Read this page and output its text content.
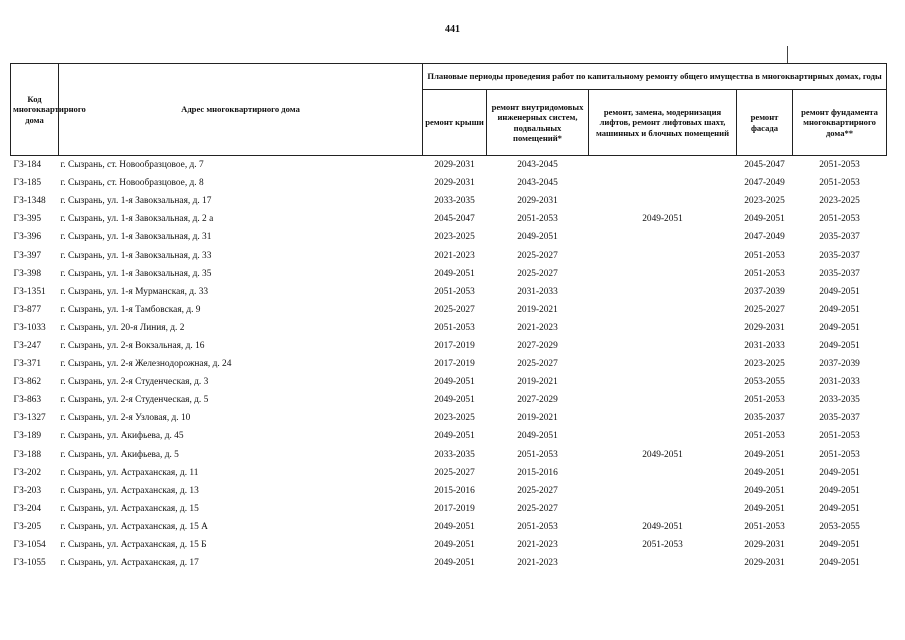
441
Код многоквартирного дома	Адрес многоквартирного дома	Плановые периоды проведения работ по капитальному ремонту общего имущества в многоквартирных домах, годы				
		ремонт крыши	ремонт внутридомовых инженерных систем, подвальных помещений*	ремонт, замена, модернизация лифтов, ремонт лифтовых шахт, машинных и блочных помещений	ремонт фасада	ремонт фундамента многоквартирного дома**
ГЗ-184	г. Сызрань, ст. Новообразцовое, д. 7	2029-2031	2043-2045		2045-2047	2051-2053
ГЗ-185	г. Сызрань, ст. Новообразцовое, д. 8	2029-2031	2043-2045		2047-2049	2051-2053
ГЗ-1348	г. Сызрань, ул. 1-я Завокзальная, д. 17	2033-2035	2029-2031		2023-2025	2023-2025
ГЗ-395	г. Сызрань, ул. 1-я Завокзальная, д. 2 а	2045-2047	2051-2053	2049-2051	2049-2051	2051-2053
ГЗ-396	г. Сызрань, ул. 1-я Завокзальная, д. 31	2023-2025	2049-2051		2047-2049	2035-2037
ГЗ-397	г. Сызрань, ул. 1-я Завокзальная, д. 33	2021-2023	2025-2027		2051-2053	2035-2037
ГЗ-398	г. Сызрань, ул. 1-я Завокзальная, д. 35	2049-2051	2025-2027		2051-2053	2035-2037
ГЗ-1351	г. Сызрань, ул. 1-я Мурманская, д. 33	2051-2053	2031-2033		2037-2039	2049-2051
ГЗ-877	г. Сызрань, ул. 1-я Тамбовская, д. 9	2025-2027	2019-2021		2025-2027	2049-2051
ГЗ-1033	г. Сызрань, ул. 20-я Линия, д. 2	2051-2053	2021-2023		2029-2031	2049-2051
ГЗ-247	г. Сызрань, ул. 2-я Вокзальная, д. 16	2017-2019	2027-2029		2031-2033	2049-2051
ГЗ-371	г. Сызрань, ул. 2-я Железнодорожная, д. 24	2017-2019	2025-2027		2023-2025	2037-2039
ГЗ-862	г. Сызрань, ул. 2-я Студенческая, д. 3	2049-2051	2019-2021		2053-2055	2031-2033
ГЗ-863	г. Сызрань, ул. 2-я Студенческая, д. 5	2049-2051	2027-2029		2051-2053	2033-2035
ГЗ-1327	г. Сызрань, ул. 2-я Узловая, д. 10	2023-2025	2019-2021		2035-2037	2035-2037
ГЗ-189	г. Сызрань, ул. Акифьева, д. 45	2049-2051	2049-2051		2051-2053	2051-2053
ГЗ-188	г. Сызрань, ул. Акифьева, д. 5	2033-2035	2051-2053	2049-2051	2049-2051	2051-2053
ГЗ-202	г. Сызрань, ул. Астраханская, д. 11	2025-2027	2015-2016		2049-2051	2049-2051
ГЗ-203	г. Сызрань, ул. Астраханская, д. 13	2015-2016	2025-2027		2049-2051	2049-2051
ГЗ-204	г. Сызрань, ул. Астраханская, д. 15	2017-2019	2025-2027		2049-2051	2049-2051
ГЗ-205	г. Сызрань, ул. Астраханская, д. 15 А	2049-2051	2051-2053	2049-2051	2051-2053	2053-2055
ГЗ-1054	г. Сызрань, ул. Астраханская, д. 15 Б	2049-2051	2021-2023	2051-2053	2029-2031	2049-2051
ГЗ-1055	г. Сызрань, ул. Астраханская, д. 17	2049-2051	2021-2023		2029-2031	2049-2051
